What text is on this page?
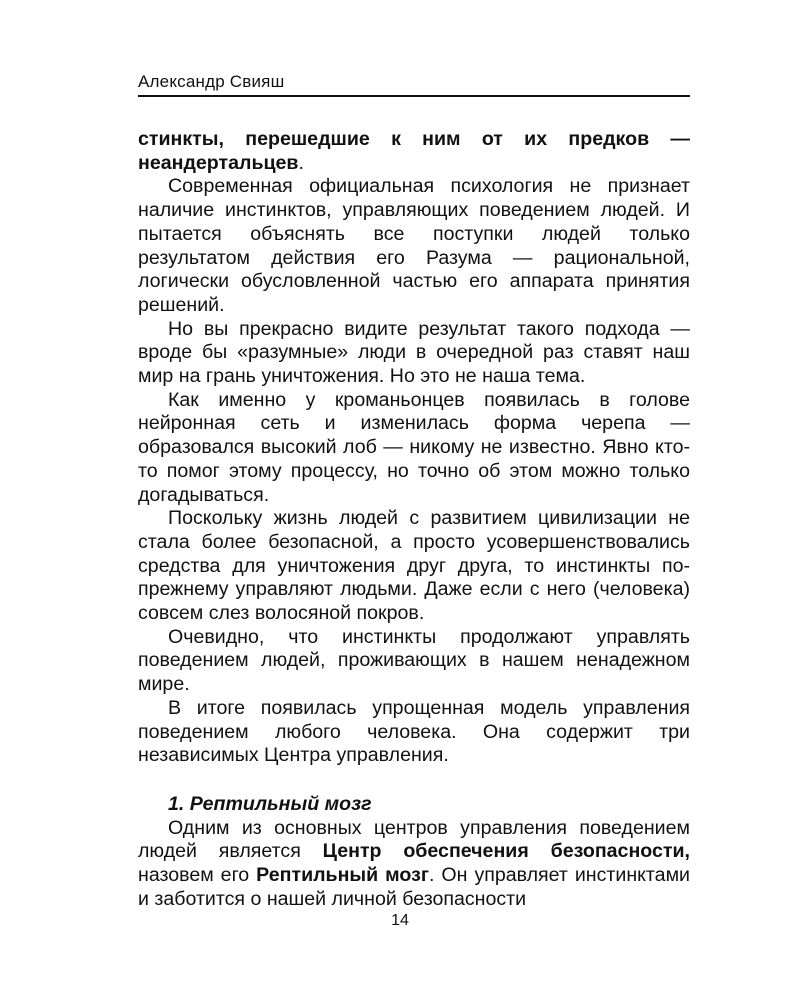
Александр Свияш

стинкты, перешедшие к ним от их предков — неандертальцев.

Современная официальная психология не признает наличие инстинктов, управляющих поведением людей. И пытается объяснять все поступки людей только результатом действия его Разума — рациональной, логически обусловленной частью его аппарата принятия решений.

Но вы прекрасно видите результат такого подхода — вроде бы «разумные» люди в очередной раз ставят наш мир на грань уничтожения. Но это не наша тема.

Как именно у кроманьонцев появилась в голове нейронная сеть и изменилась форма черепа — образовался высокий лоб — никому не известно. Явно кто-то помог этому процессу, но точно об этом можно только догадываться.

Поскольку жизнь людей с развитием цивилизации не стала более безопасной, а просто усовершенствовались средства для уничтожения друг друга, то инстинкты по-прежнему управляют людьми. Даже если с него (человека) совсем слез волосяной покров.

Очевидно, что инстинкты продолжают управлять поведением людей, проживающих в нашем ненадежном мире.

В итоге появилась упрощенная модель управления поведением любого человека. Она содержит три независимых Центра управления.

1. Рептильный мозг

Одним из основных центров управления поведением людей является Центр обеспечения безопасности, назовем его Рептильный мозг. Он управляет инстинктами и заботится о нашей личной безопасности

14
